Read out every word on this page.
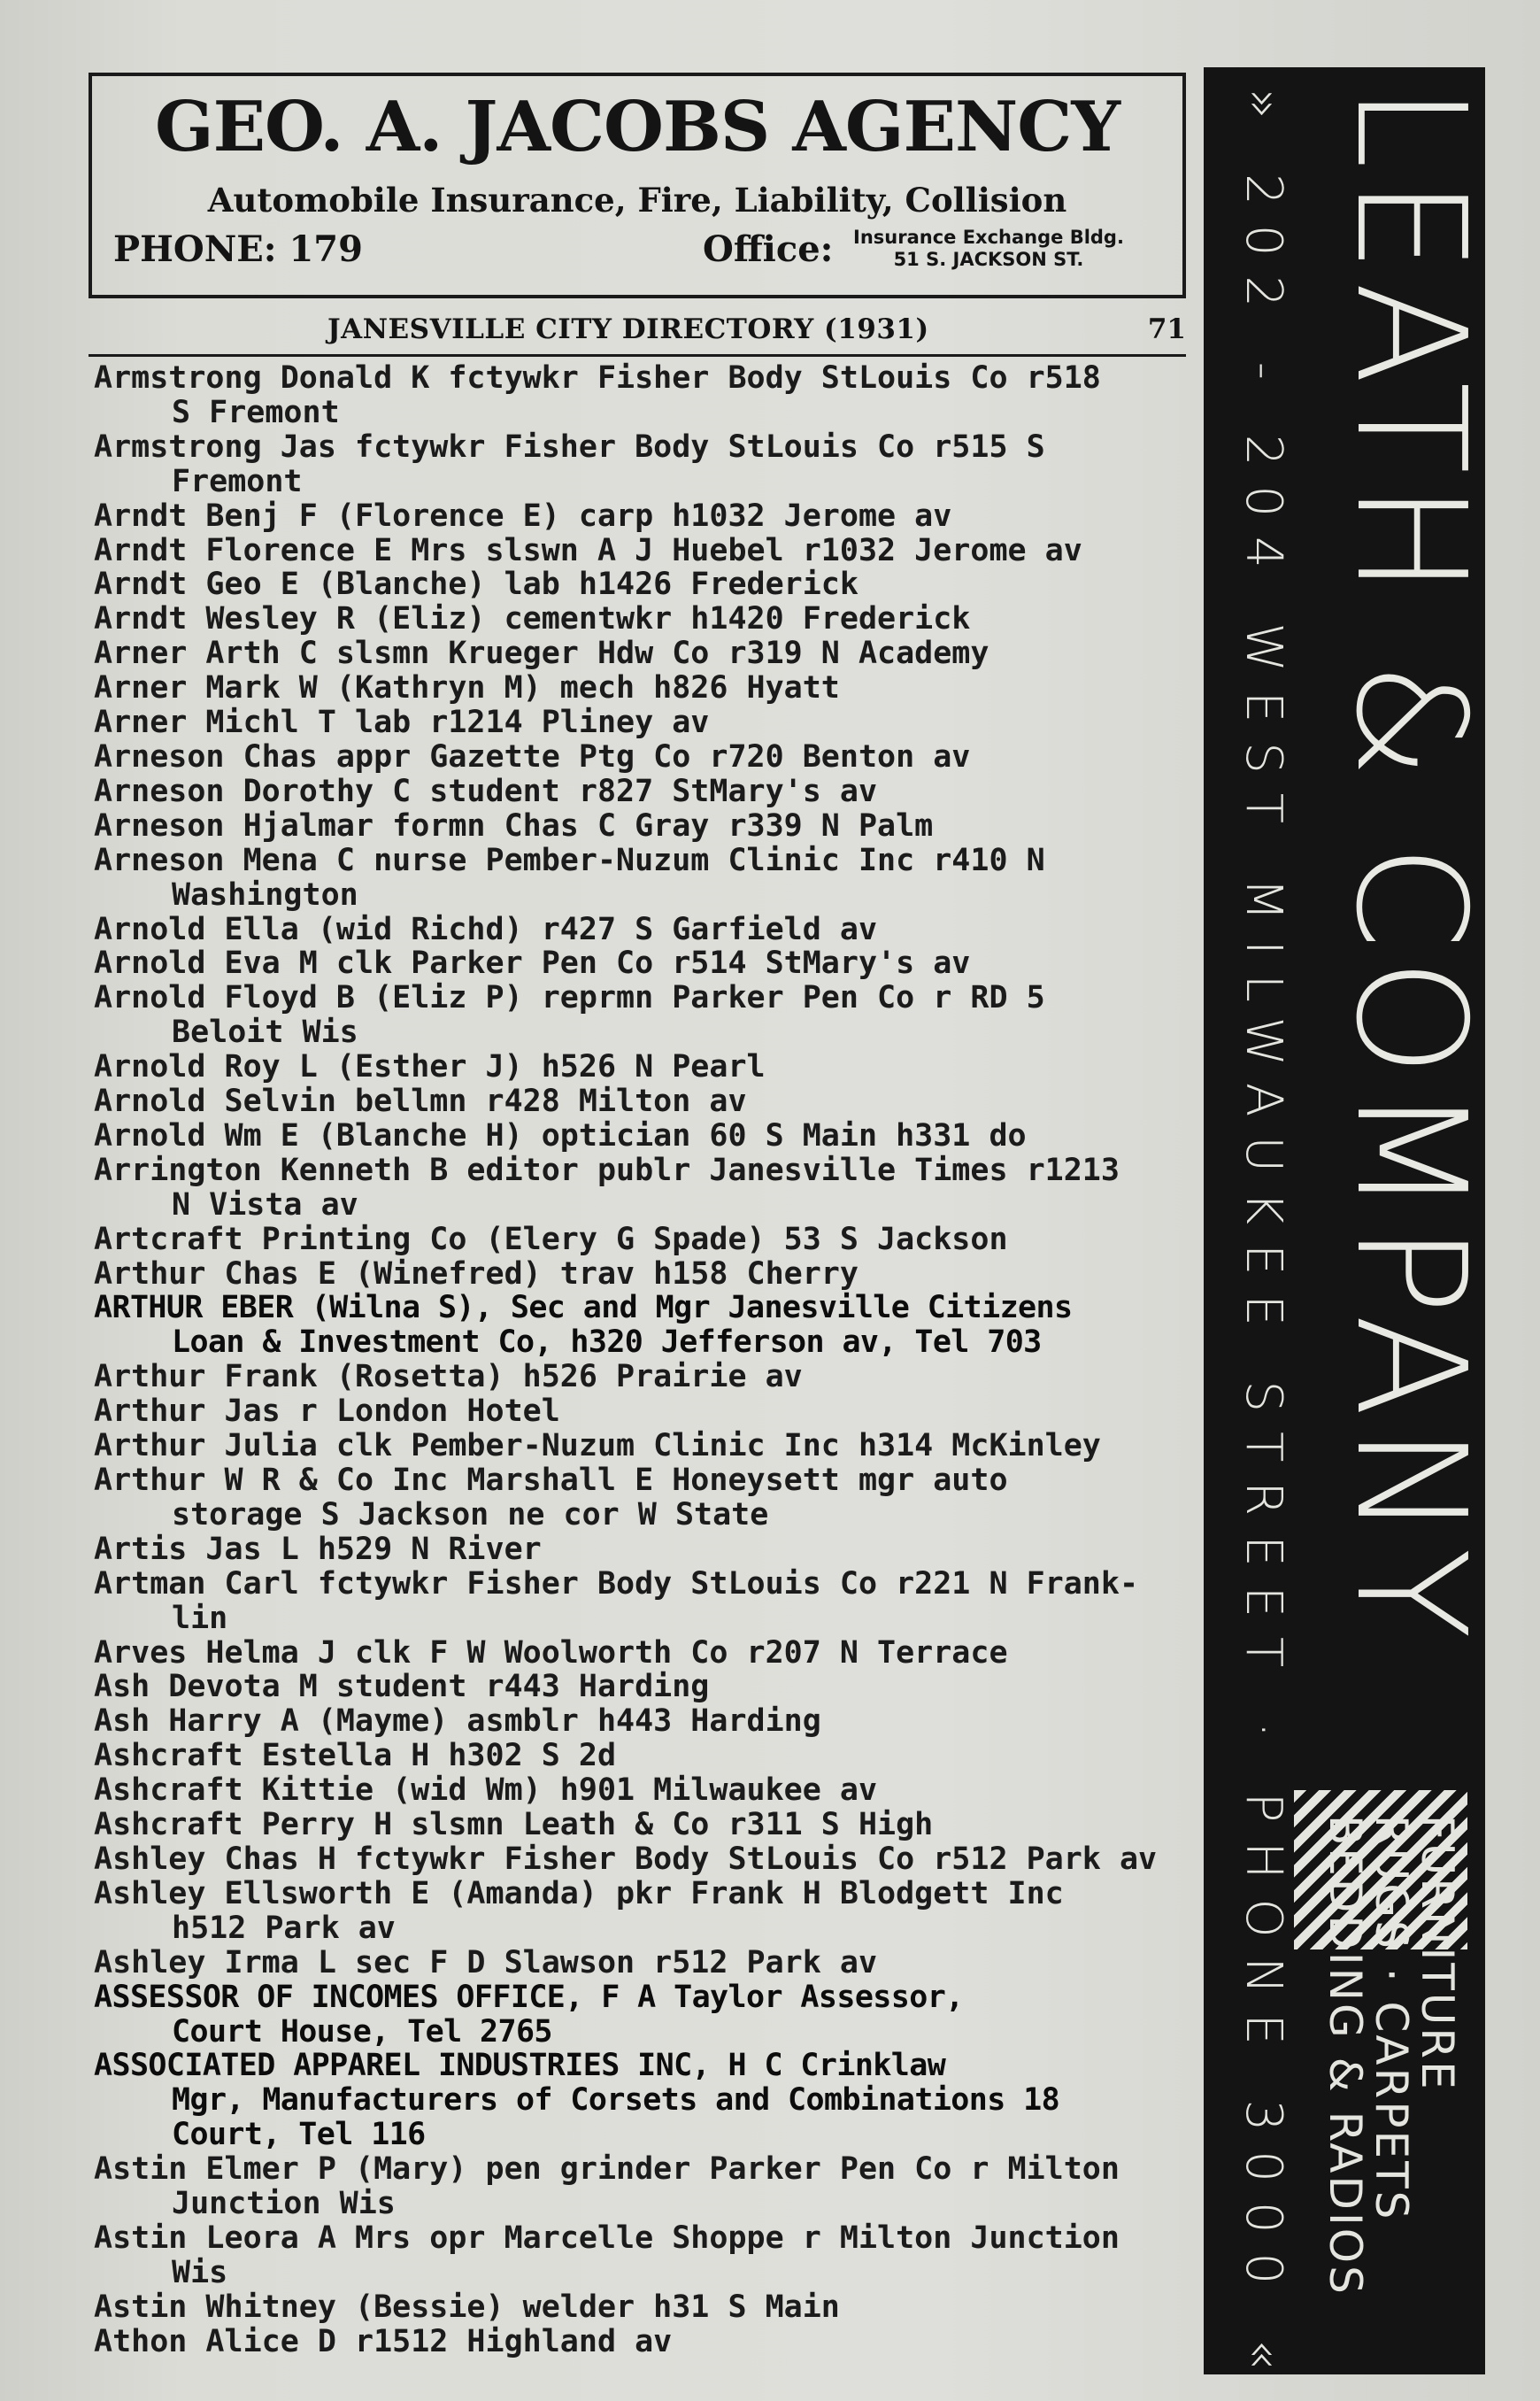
GEO. A. JACOBS AGENCY
Automobile Insurance, Fire, Liability, Collision
PHONE: 179	Office: Insurance Exchange Bldg.
51 S. JACKSON ST.
JANESVILLE CITY DIRECTORY (1931)	71
Armstrong Donald K fctywkr Fisher Body StLouis Co r518
S Fremont
Armstrong Jas fctywkr Fisher Body StLouis Co r515 S
Fremont
Arndt Benj F (Florence E) carp h1032 Jerome av
Arndt Florence E Mrs slswn A J Huebel r1032 Jerome av
Arndt Geo E (Blanche) lab h1426 Frederick
Arndt Wesley R (Eliz) cementwkr h1420 Frederick
Arner Arth C slsmn Krueger Hdw Co r319 N Academy
Arner Mark W (Kathryn M) mech h826 Hyatt
Arner Michl T lab r1214 Pliney av
Arneson Chas appr Gazette Ptg Co r720 Benton av
Arneson Dorothy C student r827 StMary's av
Arneson Hjalmar formn Chas C Gray r339 N Palm
Arneson Mena C nurse Pember-Nuzum Clinic Inc r410 N
Washington
Arnold Ella (wid Richd) r427 S Garfield av
Arnold Eva M clk Parker Pen Co r514 StMary's av
Arnold Floyd B (Eliz P) reprmn Parker Pen Co r RD 5
Beloit Wis
Arnold Roy L (Esther J) h526 N Pearl
Arnold Selvin bellmn r428 Milton av
Arnold Wm E (Blanche H) optician 60 S Main h331 do
Arrington Kenneth B editor publr Janesville Times r1213
N Vista av
Artcraft Printing Co (Elery G Spade) 53 S Jackson
Arthur Chas E (Winefred) trav h158 Cherry
ARTHUR EBER (Wilna S), Sec and Mgr Janesville Citizens
Loan & Investment Co, h320 Jefferson av, Tel 703
Arthur Frank (Rosetta) h526 Prairie av
Arthur Jas r London Hotel
Arthur Julia clk Pember-Nuzum Clinic Inc h314 McKinley
Arthur W R & Co Inc Marshall E Honeysett mgr auto
storage S Jackson ne cor W State
Artis Jas L h529 N River
Artman Carl fctywkr Fisher Body StLouis Co r221 N Frank-
lin
Arves Helma J clk F W Woolworth Co r207 N Terrace
Ash Devota M student r443 Harding
Ash Harry A (Mayme) asmblr h443 Harding
Ashcraft Estella H h302 S 2d
Ashcraft Kittie (wid Wm) h901 Milwaukee av
Ashcraft Perry H slsmn Leath & Co r311 S High
Ashley Chas H fctywkr Fisher Body StLouis Co r512 Park av
Ashley Ellsworth E (Amanda) pkr Frank H Blodgett Inc
h512 Park av
Ashley Irma L sec F D Slawson r512 Park av
ASSESSOR OF INCOMES OFFICE, F A Taylor Assessor,
Court House, Tel 2765
ASSOCIATED APPAREL INDUSTRIES INC, H C Crinklaw
Mgr, Manufacturers of Corsets and Combinations 18
Court, Tel 116
Astin Elmer P (Mary) pen grinder Parker Pen Co r Milton
Junction Wis
Astin Leora A Mrs opr Marcelle Shoppe r Milton Junction
Wis
Astin Whitney (Bessie) welder h31 S Main
Athon Alice D r1512 Highland av
LEATH & COMPANY
» 202 - 204 WEST MILWAUKEE STREET · PHONE 3000 «	FURNITURE
RUGS · CARPETS
BEDDING & RADIOS
